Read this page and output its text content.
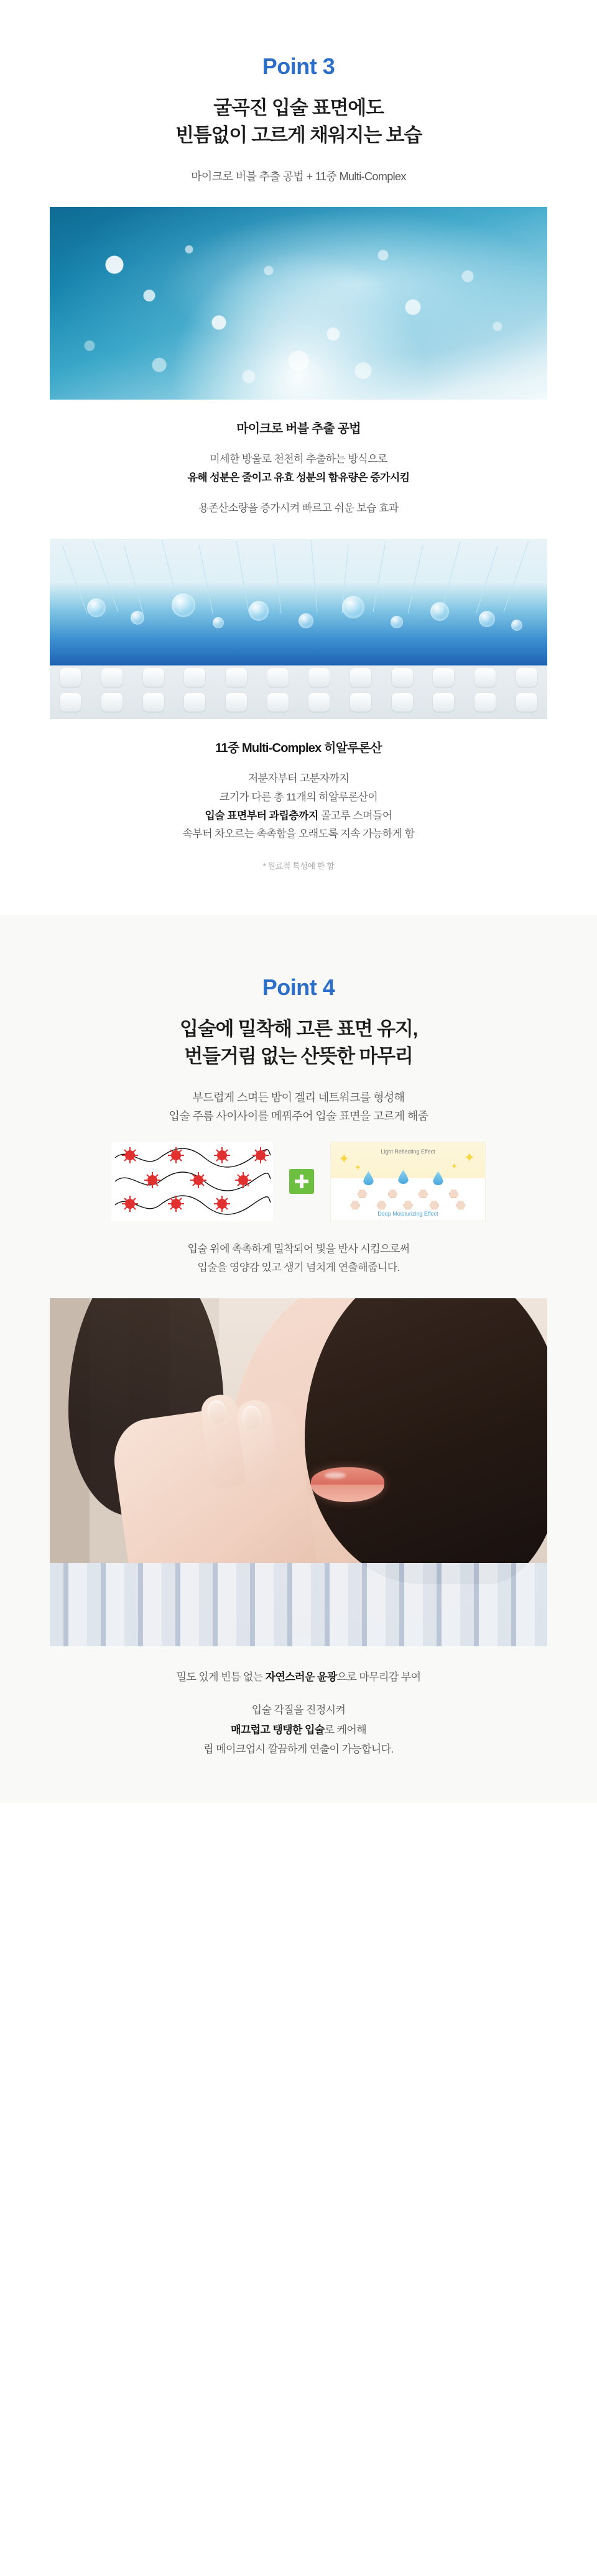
Point 3
굴곡진 입술 표면에도
빈틈없이 고르게 채워지는 보습
마이크로 버블 추출 공법 + 11중 Multi-Complex
마이크로 버블 추출 공법
미세한 방울로 천천히 추출하는 방식으로
유해 성분은 줄이고 유효 성분의 함유량은 증가시킴
용존산소량을 증가시켜 빠르고 쉬운 보습 효과
11중 Multi-Complex 히알루론산
저분자부터 고분자까지
크기가 다른 총 11개의 히알루론산이
입술 표면부터 과립층까지 골고루 스며들어
속부터 차오르는 촉촉함을 오래도록 지속 가능하게 함
* 원료적 특성에 한 함
Point 4
입술에 밀착해 고른 표면 유지,
번들거림 없는 산뜻한 마무리
부드럽게 스며든 밤이 겔리 네트워크를 형성해
입술 주름 사이사이를 메꿔주어 입술 표면을 고르게 해줌
✦
✦
✦
✦
Light Reflecting Effect
Deep Moisturizing Effect
입술 위에 촉촉하게 밀착되어 빛을 반사 시킴으로써
입술을 영양감 있고 생기 넘치게 연출해줍니다.
밀도 있게 빈틈 없는 자연스러운 윤광으로 마무리감 부여
입술 각질을 진정시켜
매끄럽고 탱탱한 입술로 케어해
립 메이크업시 깔끔하게 연출이 가능합니다.
